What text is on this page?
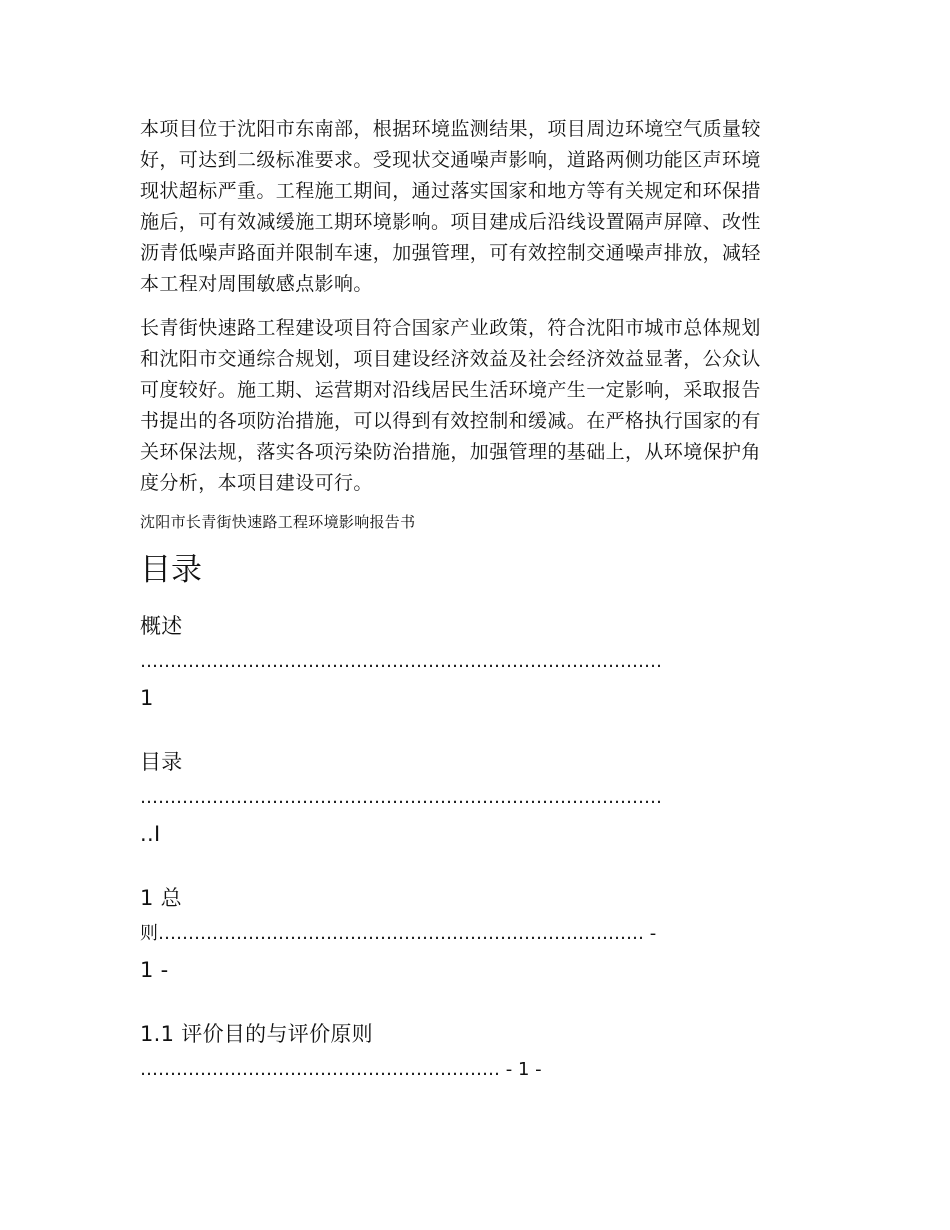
本项目位于沈阳市东南部，根据环境监测结果，项目周边环境空气质量较
好，可达到二级标准要求。受现状交通噪声影响，道路两侧功能区声环境
现状超标严重。工程施工期间，通过落实国家和地方等有关规定和环保措
施后，可有效减缓施工期环境影响。项目建成后沿线设置隔声屏障、改性
沥青低噪声路面并限制车速，加强管理，可有效控制交通噪声排放，减轻
本工程对周围敏感点影响。

长青街快速路工程建设项目符合国家产业政策，符合沈阳市城市总体规划
和沈阳市交通综合规划，项目建设经济效益及社会经济效益显著，公众认
可度较好。施工期、运营期对沿线居民生活环境产生一定影响，采取报告
书提出的各项防治措施，可以得到有效控制和缓减。在严格执行国家的有
关环保法规，落实各项污染防治措施，加强管理的基础上，从环境保护角
度分析，本项目建设可行。

沈阳市长青街快速路工程环境影响报告书
目录
概述
……………………………………………………………………………
1
目录
……………………………………………………………………………
..I
1 总
则……………………………………………………………………… -
1 -
1.1 评价目的与评价原则
…………………………………………………… - 1 -
